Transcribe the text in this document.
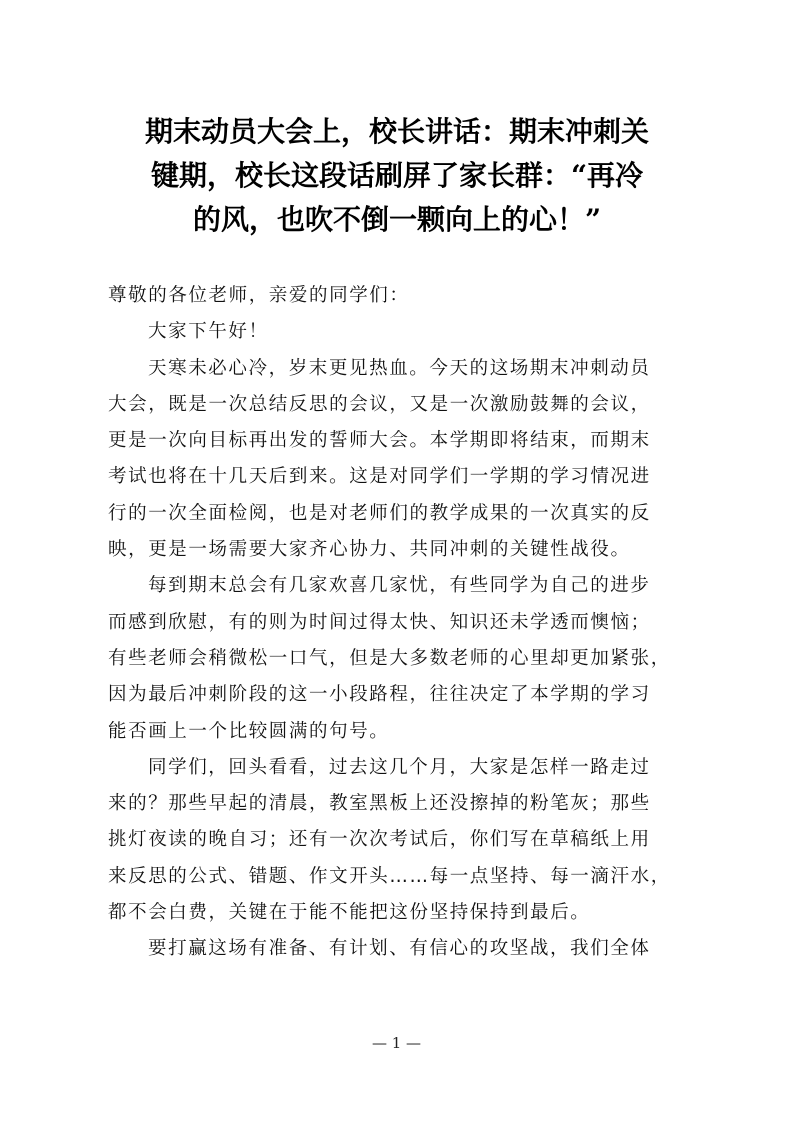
期末动员大会上，校长讲话：期末冲刺关
键期，校长这段话刷屏了家长群：“再冷
的风，也吹不倒一颗向上的心！”

尊敬的各位老师，亲爱的同学们：

大家下午好！

天寒未必心冷，岁末更见热血。今天的这场期末冲刺动员

大会，既是一次总结反思的会议，又是一次激励鼓舞的会议，

更是一次向目标再出发的誓师大会。本学期即将结束，而期末

考试也将在十几天后到来。这是对同学们一学期的学习情况进

行的一次全面检阅，也是对老师们的教学成果的一次真实的反

映，更是一场需要大家齐心协力、共同冲刺的关键性战役。

每到期末总会有几家欢喜几家忧，有些同学为自己的进步

而感到欣慰，有的则为时间过得太快、知识还未学透而懊恼；

有些老师会稍微松一口气，但是大多数老师的心里却更加紧张，

因为最后冲刺阶段的这一小段路程，往往决定了本学期的学习

能否画上一个比较圆满的句号。

同学们，回头看看，过去这几个月，大家是怎样一路走过

来的？那些早起的清晨，教室黑板上还没擦掉的粉笔灰；那些

挑灯夜读的晚自习；还有一次次考试后，你们写在草稿纸上用

来反思的公式、错题、作文开头……每一点坚持、每一滴汗水，

都不会白费，关键在于能不能把这份坚持保持到最后。

要打赢这场有准备、有计划、有信心的攻坚战，我们全体

— 1 —
